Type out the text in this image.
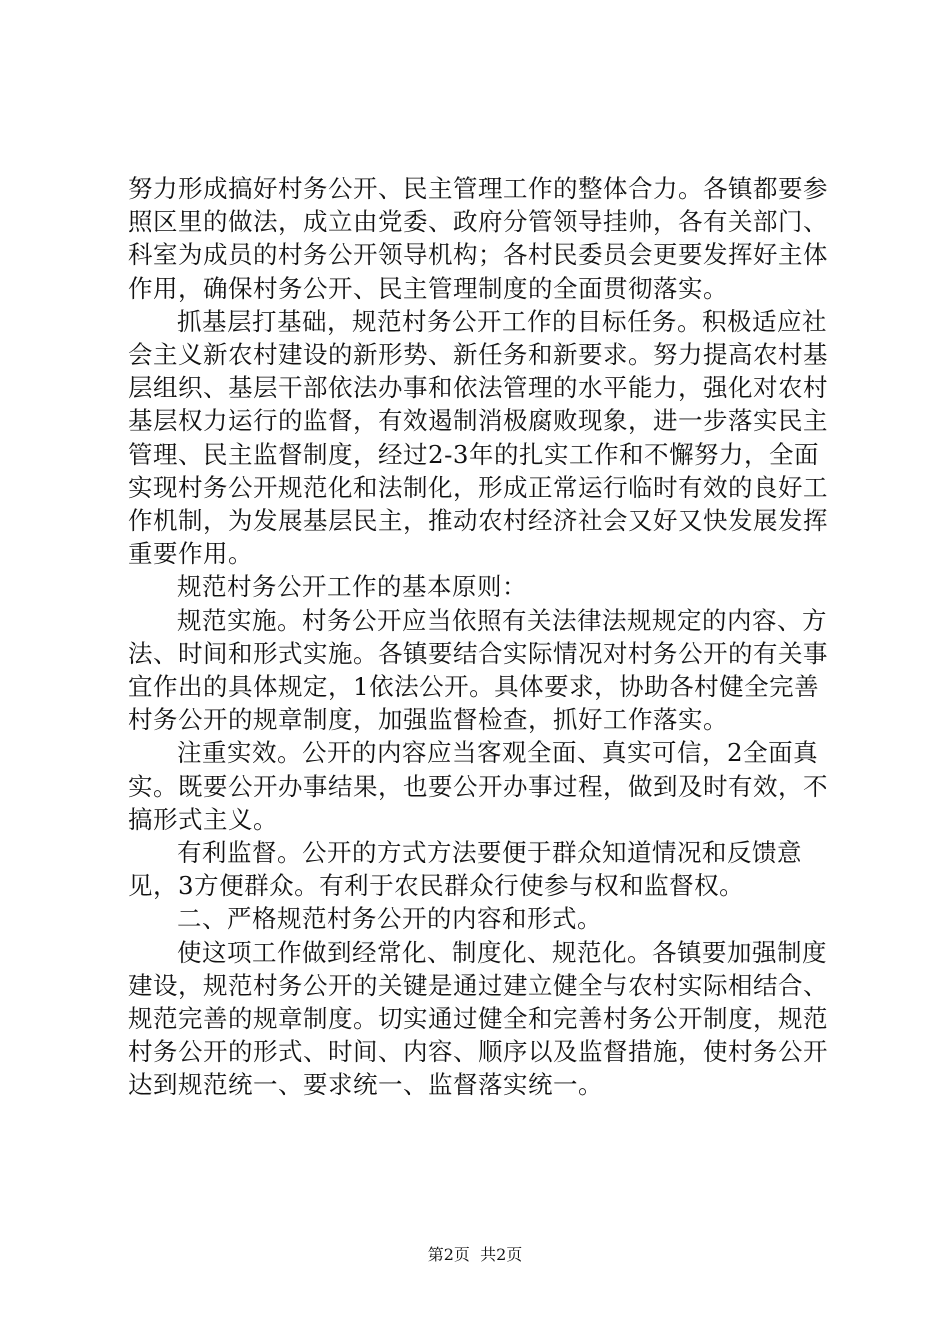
努力形成搞好村务公开、民主管理工作的整体合力。各镇都要参照区里的做法，成立由党委、政府分管领导挂帅，各有关部门、科室为成员的村务公开领导机构；各村民委员会更要发挥好主体作用，确保村务公开、民主管理制度的全面贯彻落实。

抓基层打基础，规范村务公开工作的目标任务。积极适应社会主义新农村建设的新形势、新任务和新要求。努力提高农村基层组织、基层干部依法办事和依法管理的水平能力，强化对农村基层权力运行的监督，有效遏制消极腐败现象，进一步落实民主管理、民主监督制度，经过2-3年的扎实工作和不懈努力，全面实现村务公开规范化和法制化，形成正常运行临时有效的良好工作机制，为发展基层民主，推动农村经济社会又好又快发展发挥重要作用。

规范村务公开工作的基本原则：

规范实施。村务公开应当依照有关法律法规规定的内容、方法、时间和形式实施。各镇要结合实际情况对村务公开的有关事宜作出的具体规定，1依法公开。具体要求，协助各村健全完善村务公开的规章制度，加强监督检查，抓好工作落实。

注重实效。公开的内容应当客观全面、真实可信，2全面真实。既要公开办事结果，也要公开办事过程，做到及时有效，不搞形式主义。

有利监督。公开的方式方法要便于群众知道情况和反馈意见，3方便群众。有利于农民群众行使参与权和监督权。

二、严格规范村务公开的内容和形式。

使这项工作做到经常化、制度化、规范化。各镇要加强制度建设，规范村务公开的关键是通过建立健全与农村实际相结合、规范完善的规章制度。切实通过健全和完善村务公开制度，规范村务公开的形式、时间、内容、顺序以及监督措施，使村务公开达到规范统一、要求统一、监督落实统一。

第2页  共2页
